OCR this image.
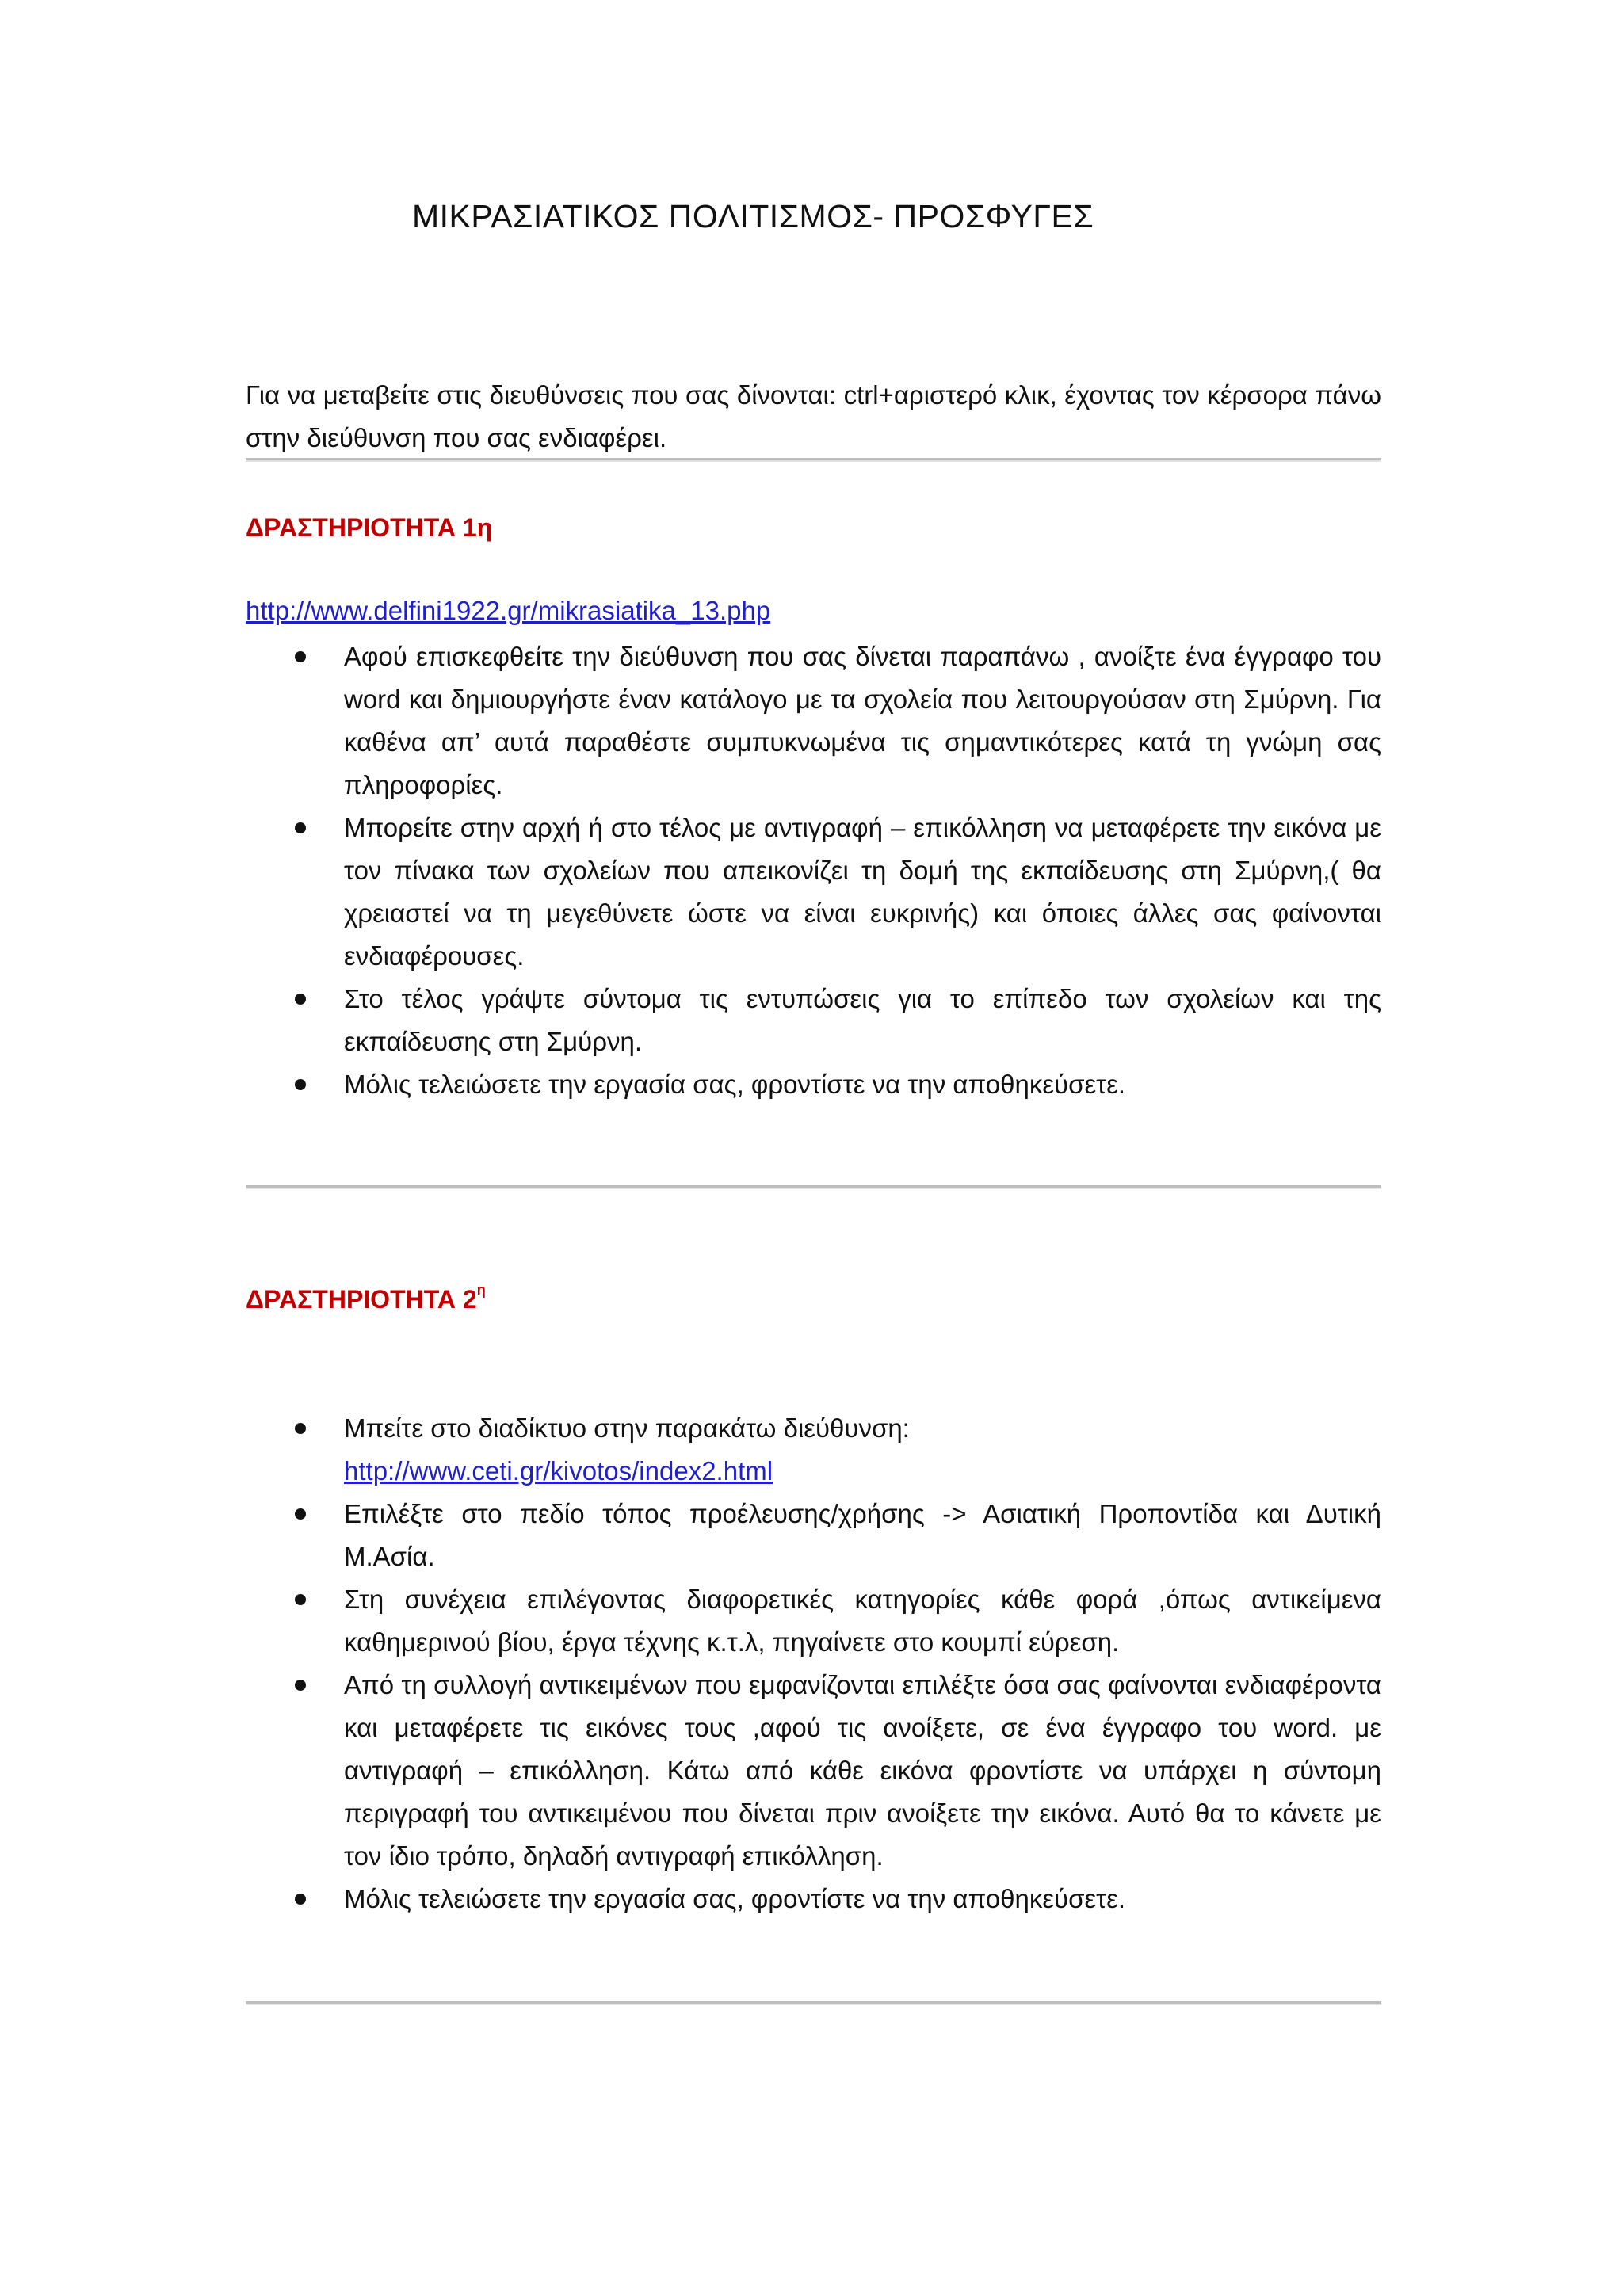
ΜΙΚΡΑΣΙΑΤΙΚΟΣ ΠΟΛΙΤΙΣΜΟΣ- ΠΡΟΣΦΥΓΕΣ

Για να μεταβείτε στις διευθύνσεις που σας δίνονται: ctrl+αριστερό κλικ, έχοντας τον κέρσορα πάνω στην διεύθυνση που σας ενδιαφέρει.

ΔΡΑΣΤΗΡΙΟΤΗΤΑ 1η
http://www.delfini1922.gr/mikrasiatika_13.php
Αφού επισκεφθείτε την διεύθυνση που σας δίνεται παραπάνω , ανοίξτε ένα έγγραφο του word και δημιουργήστε έναν κατάλογο με τα σχολεία που λειτουργούσαν στη Σμύρνη. Για καθένα απ’ αυτά παραθέστε συμπυκνωμένα τις σημαντικότερες κατά τη γνώμη σας πληροφορίες.
Μπορείτε στην αρχή ή στο τέλος με αντιγραφή – επικόλληση να μεταφέρετε την εικόνα με τον πίνακα των σχολείων που απεικονίζει τη δομή της εκπαίδευσης στη Σμύρνη,( θα χρειαστεί να τη μεγεθύνετε ώστε να είναι ευκρινής) και όποιες άλλες σας φαίνονται ενδιαφέρουσες.
Στο τέλος γράψτε σύντομα τις εντυπώσεις για το επίπεδο των σχολείων και της εκπαίδευσης στη Σμύρνη.
Μόλις τελειώσετε την εργασία σας, φροντίστε να την αποθηκεύσετε.
ΔΡΑΣΤΗΡΙΟΤΗΤΑ $2^\eta$
Μπείτε στο διαδίκτυο στην παρακάτω διεύθυνση:
http://www.ceti.gr/kivotos/index2.html
Επιλέξτε στο πεδίο τόπος προέλευσης/χρήσης -> Ασιατική Προποντίδα και Δυτική Μ.Ασία.
Στη συνέχεια επιλέγοντας διαφορετικές κατηγορίες κάθε φορά ,όπως αντικείμενα καθημερινού βίου, έργα τέχνης κ.τ.λ, πηγαίνετε στο κουμπί εύρεση.
Από τη συλλογή αντικειμένων που εμφανίζονται επιλέξτε όσα σας φαίνονται ενδιαφέροντα και μεταφέρετε τις εικόνες τους ,αφού τις ανοίξετε, σε ένα έγγραφο του word. με αντιγραφή – επικόλληση. Κάτω από κάθε εικόνα φροντίστε να υπάρχει η σύντομη περιγραφή του αντικειμένου που δίνεται πριν ανοίξετε την εικόνα. Αυτό θα το κάνετε με τον ίδιο τρόπο, δηλαδή αντιγραφή επικόλληση.
Μόλις τελειώσετε την εργασία σας, φροντίστε να την αποθηκεύσετε.
